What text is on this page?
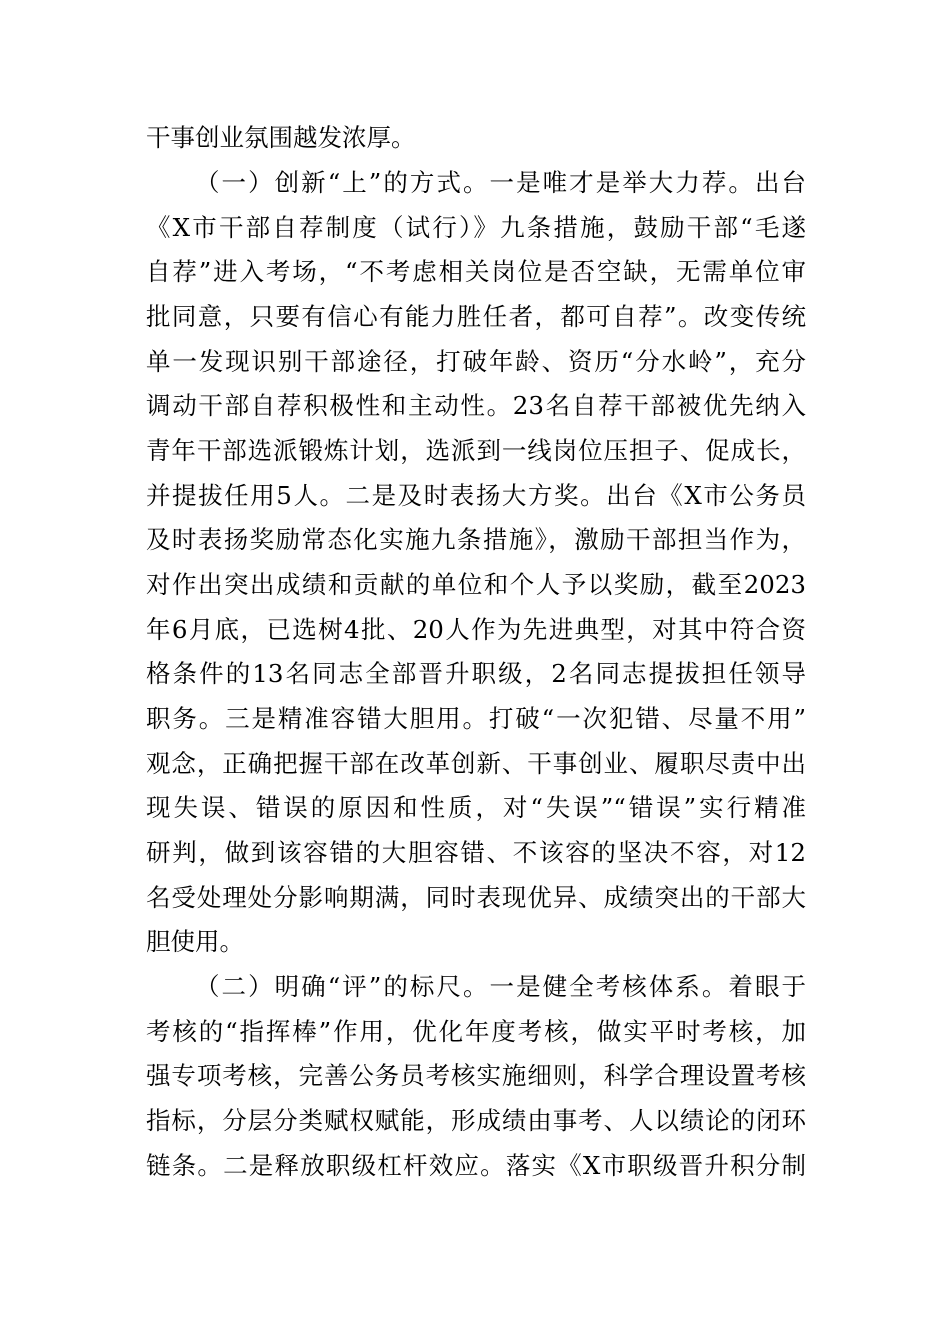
干事创业氛围越发浓厚。
（一）创新“上”的方式。一是唯才是举大力荐。出台
《X市干部自荐制度（试行）》九条措施，鼓励干部“毛遂
自荐”进入考场，“不考虑相关岗位是否空缺，无需单位审
批同意，只要有信心有能力胜任者，都可自荐”。改变传统
单一发现识别干部途径，打破年龄、资历“分水岭”，充分
调动干部自荐积极性和主动性。23名自荐干部被优先纳入
青年干部选派锻炼计划，选派到一线岗位压担子、促成长，
并提拔任用5人。二是及时表扬大方奖。出台《X市公务员
及时表扬奖励常态化实施九条措施》，激励干部担当作为，
对作出突出成绩和贡献的单位和个人予以奖励，截至2023
年6月底，已选树4批、20人作为先进典型，对其中符合资
格条件的13名同志全部晋升职级，2名同志提拔担任领导
职务。三是精准容错大胆用。打破“一次犯错、尽量不用”
观念，正确把握干部在改革创新、干事创业、履职尽责中出
现失误、错误的原因和性质，对“失误”“错误”实行精准
研判，做到该容错的大胆容错、不该容的坚决不容，对12
名受处理处分影响期满，同时表现优异、成绩突出的干部大
胆使用。
（二）明确“评”的标尺。一是健全考核体系。着眼于
考核的“指挥棒”作用，优化年度考核，做实平时考核，加
强专项考核，完善公务员考核实施细则，科学合理设置考核
指标，分层分类赋权赋能，形成绩由事考、人以绩论的闭环
链条。二是释放职级杠杆效应。落实《X市职级晋升积分制
